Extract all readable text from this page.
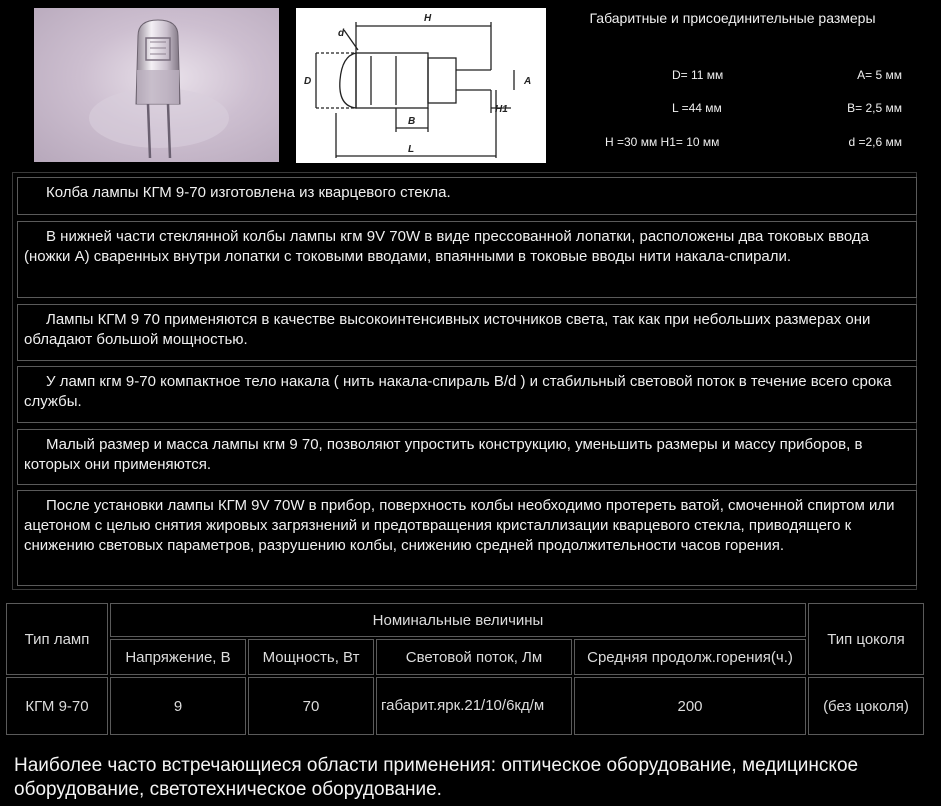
H
d
D	A
H1
B
L
Габаритные и присоединительные размеры
D= 11 мм	A= 5 мм
L =44 мм	B= 2,5 мм
H =30 мм H1= 10 мм	d =2,6 мм
Колба лампы КГМ 9-70 изготовлена из кварцевого стекла.
В нижней части стеклянной колбы лампы кгм 9V 70W в виде прессованной лопатки, расположены два токовых ввода (ножки А) сваренных внутри лопатки с токовыми вводами, впаянными в токовые вводы нити накала-спирали.
Лампы КГМ 9 70 применяются в качестве высокоинтенсивных источников света, так как при небольших размерах они обладают большой мощностью.
У ламп кгм 9-70 компактное тело накала ( нить накала-спираль B/d ) и стабильный световой поток в течение всего срока службы.
Малый размер и масса лампы кгм 9 70, позволяют упростить конструкцию, уменьшить размеры и массу приборов, в которых они применяются.
После установки лампы КГМ 9V 70W в прибор, поверхность колбы необходимо протереть ватой, смоченной спиртом или ацетоном с целью снятия жировых загрязнений и предотвращения кристаллизации кварцевого стекла, приводящего к снижению световых параметров, разрушению колбы, снижению средней продолжительности часов горения.
Тип ламп	Номинальные величины				Тип цоколя
	Напряжение, В	Мощность, Вт	Световой поток, Лм	Средняя продолж.горения(ч.)	
КГМ 9-70	9	70	габарит.ярк.21/10/6кд/м	200	(без цоколя)
Наиболее часто встречающиеся области применения: оптическое оборудование, медицинское оборудование, светотехническое оборудование.
